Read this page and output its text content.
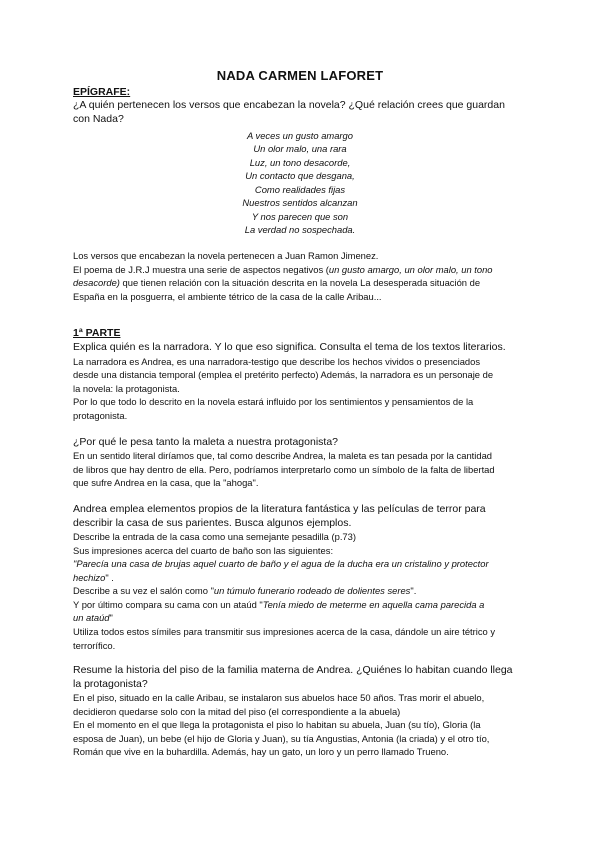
NADA CARMEN LAFORET
EPÍGRAFE:
¿A quién pertenecen los versos que encabezan la novela? ¿Qué relación crees que guardan
con Nada?
A veces un gusto amargo
Un olor malo, una rara
Luz, un tono desacorde,
Un contacto que desgana,
Como realidades fijas
Nuestros sentidos alcanzan
Y nos parecen que son
La verdad no sospechada.
Los versos que encabezan la novela pertenecen a Juan Ramon Jimenez.
El poema de J.R.J muestra una serie de aspectos negativos (un gusto amargo, un olor malo, un tono
desacorde) que tienen relación con la situación descrita en la novela La desesperada situación de
España en la posguerra, el ambiente tétrico de la casa de la calle Aribau...
1ª PARTE
Explica quién es la narradora. Y lo que eso significa. Consulta el tema de los textos literarios.
La narradora es Andrea, es una narradora-testigo que describe los hechos vividos o presenciados
desde una distancia temporal (emplea el pretérito perfecto) Además, la narradora es un personaje de
la novela: la protagonista.
Por lo que todo lo descrito en la novela estará influido por los sentimientos y pensamientos de la
protagonista.
¿Por qué le pesa tanto la maleta a nuestra protagonista?
En un sentido literal diríamos que, tal como describe Andrea, la maleta es tan pesada por la cantidad
de libros que hay dentro de ella. Pero, podríamos interpretarlo como un símbolo de la falta de libertad
que sufre Andrea en la casa, que la "ahoga".
Andrea emplea elementos propios de la literatura fantástica y las películas de terror para
describir la casa de sus parientes. Busca algunos ejemplos.
Describe la entrada de la casa como una semejante pesadilla (p.73)
Sus impresiones acerca del cuarto de baño son las siguientes:
"Parecía una casa de brujas aquel cuarto de baño y el agua de la ducha era un cristalino y protector
hechizo" .
Describe a su vez el salón como "un túmulo funerario rodeado de dolientes seres".
Y por último compara su cama con un ataúd "Tenía miedo de meterme en aquella cama parecida a
un ataúd"
Utiliza todos estos símiles para transmitir sus impresiones acerca de la casa, dándole un aire tétrico y
terrorífico.
Resume la historia del piso de la familia materna de Andrea. ¿Quiénes lo habitan cuando llega
la protagonista?
En el piso, situado en la calle Aribau, se instalaron sus abuelos hace 50 años. Tras morir el abuelo,
decidieron quedarse solo con la mitad del piso (el correspondiente a la abuela)
En el momento en el que llega la protagonista el piso lo habitan su abuela, Juan (su tío), Gloria (la
esposa de Juan), un bebe (el hijo de Gloria y Juan), su tía Angustias, Antonia (la criada) y el otro tío,
Román que vive en la buhardilla. Además, hay un gato, un loro y un perro llamado Trueno.
